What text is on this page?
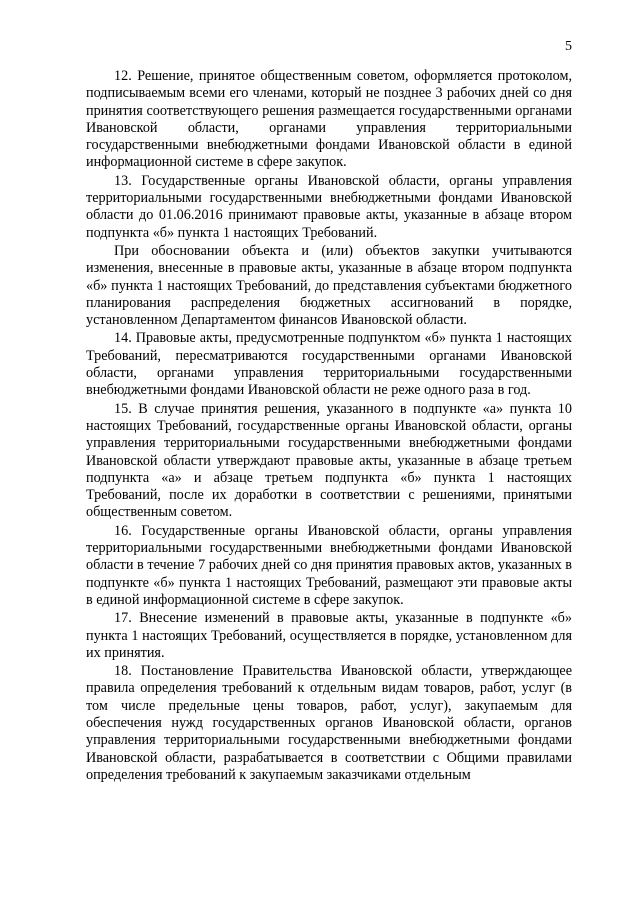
5

12. Решение, принятое общественным советом, оформляется протоколом, подписываемым всеми его членами, который не позднее 3 рабочих дней со дня принятия соответствующего решения размещается государственными органами Ивановской области, органами управления территориальными государственными внебюджетными фондами Ивановской области в единой информационной системе в сфере закупок.

13. Государственные органы Ивановской области, органы управления территориальными государственными внебюджетными фондами Ивановской области до 01.06.2016 принимают правовые акты, указанные в абзаце втором подпункта «б» пункта 1 настоящих Требований.

При обосновании объекта и (или) объектов закупки учитываются изменения, внесенные в правовые акты, указанные в абзаце втором подпункта «б» пункта 1 настоящих Требований, до представления субъектами бюджетного планирования распределения бюджетных ассигнований в порядке, установленном Департаментом финансов Ивановской области.

14. Правовые акты, предусмотренные подпунктом «б» пункта 1 настоящих Требований, пересматриваются государственными органами Ивановской области, органами управления территориальными государственными внебюджетными фондами Ивановской области не реже одного раза в год.

15. В случае принятия решения, указанного в подпункте «а» пункта 10 настоящих Требований, государственные органы Ивановской области, органы управления территориальными государственными внебюджетными фондами Ивановской области утверждают правовые акты, указанные в абзаце третьем подпункта «а» и абзаце третьем подпункта «б» пункта 1 настоящих Требований, после их доработки в соответствии с решениями, принятыми общественным советом.

16. Государственные органы Ивановской области, органы управления территориальными государственными внебюджетными фондами Ивановской области в течение 7 рабочих дней со дня принятия правовых актов, указанных в подпункте «б» пункта 1 настоящих Требований, размещают эти правовые акты в единой информационной системе в сфере закупок.

17. Внесение изменений в правовые акты, указанные в подпункте «б» пункта 1 настоящих Требований, осуществляется в порядке, установленном для их принятия.

18. Постановление Правительства Ивановской области, утверждающее правила определения требований к отдельным видам товаров, работ, услуг (в том числе предельные цены товаров, работ, услуг), закупаемым для обеспечения нужд государственных органов Ивановской области, органов управления территориальными государственными внебюджетными фондами Ивановской области, разрабатывается в соответствии с Общими правилами определения требований к закупаемым заказчиками отдельным
